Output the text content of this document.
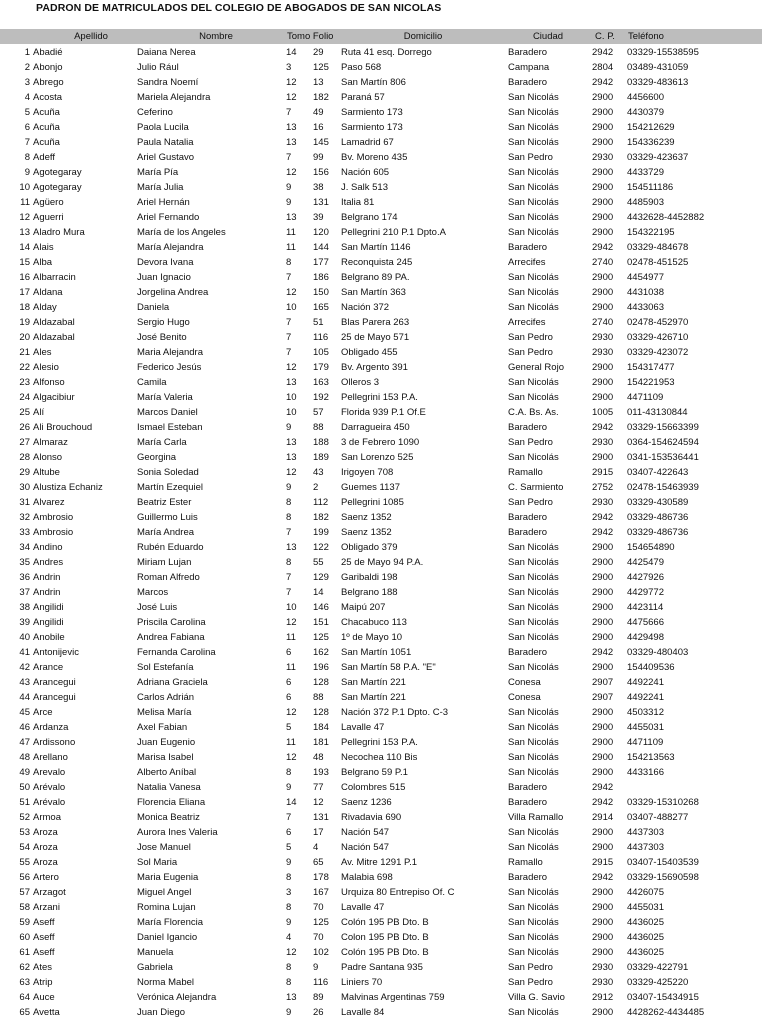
PADRON DE MATRICULADOS DEL COLEGIO DE ABOGADOS DE SAN NICOLAS
Apellido	Nombre	Tomo Folio	Domicilio	Ciudad	C. P. Teléfono
1 Abadié	Daiana Nerea	14	29	Ruta 41 esq. Dorrego	Baradero	2942	03329-15538595
2 Abonjo	Julio Rául	3	125	Paso 568	Campana	2804	03489-431059
3 Abrego	Sandra Noemí	12	13	San Martín 806	Baradero	2942	03329-483613
4 Acosta	Mariela Alejandra	12	182	Paraná 57	San Nicolás	2900	4456600
5 Acuña	Ceferino	7	49	Sarmiento 173	San Nicolás	2900	4430379
6 Acuña	Paola Lucila	13	16	Sarmiento 173	San Nicolás	2900	154212629
7 Acuña	Paula Natalia	13	145	Lamadrid 67	San Nicolás	2900	154336239
8 Adeff	Ariel Gustavo	7	99	Bv. Moreno 435	San Pedro	2930	03329-423637
9 Agotegaray	María Pía	12	156	Nación 605	San Nicolás	2900	4433729
10 Agotegaray	María Julia	9	38	J. Salk 513	San Nicolás	2900	154511186
11 Agüero	Ariel Hernán	9	131	Italia 81	San Nicolás	2900	4485903
12 Aguerri	Ariel Fernando	13	39	Belgrano 174	San Nicolás	2900	4432628-4452882
13 Aladro Mura	María de los Angeles	11	120	Pellegrini 210 P.1 Dpto.A	San Nicolás	2900	154322195
14 Alais	María Alejandra	11	144	San Martín 1146	Baradero	2942	03329-484678
15 Alba	Devora Ivana	8	177	Reconquista 245	Arrecifes	2740	02478-451525
16 Albarracin	Juan Ignacio	7	186	Belgrano 89 PA.	San Nicolás	2900	4454977
17 Aldana	Jorgelina Andrea	12	150	San Martín 363	San Nicolás	2900	4431038
18 Alday	Daniela	10	165	Nación 372	San Nicolás	2900	4433063
19 Aldazabal	Sergio Hugo	7	51	Blas Parera 263	Arrecifes	2740	02478-452970
20 Aldazabal	José Benito	7	116	25 de Mayo 571	San Pedro	2930	03329-426710
21 Ales	Maria Alejandra	7	105	Obligado 455	San Pedro	2930	03329-423072
22 Alesio	Federico Jesús	12	179	Bv. Argento 391	General Rojo	2900	154317477
23 Alfonso	Camila	13	163	Olleros 3	San Nicolás	2900	154221953
24 Algacibiur	María Valeria	10	192	Pellegrini 153 P.A.	San Nicolás	2900	4471109
25 Alí	Marcos Daniel	10	57	Florida 939 P.1 Of.E	C.A. Bs. As.	1005	011-43130844
26 Ali Brouchoud	Ismael Esteban	9	88	Darragueira 450	Baradero	2942	03329-15663399
27 Almaraz	María Carla	13	188	3 de Febrero 1090	San Pedro	2930	0364-154624594
28 Alonso	Georgina	13	189	San Lorenzo 525	San Nicolás	2900	0341-153536441
29 Altube	Sonia Soledad	12	43	Irigoyen 708	Ramallo	2915	03407-422643
30 Alustiza Echaniz	Martín Ezequiel	9	2	Guemes 1137	C. Sarmiento	2752	02478-15463939
31 Alvarez	Beatriz Ester	8	112	Pellegrini 1085	San Pedro	2930	03329-430589
32 Ambrosio	Guillermo Luis	8	182	Saenz 1352	Baradero	2942	03329-486736
33 Ambrosio	María Andrea	7	199	Saenz 1352	Baradero	2942	03329-486736
34 Andino	Rubén Eduardo	13	122	Obligado 379	San Nicolás	2900	154654890
35 Andres	Miriam Lujan	8	55	25 de Mayo 94 P.A.	San Nicolás	2900	4425479
36 Andrin	Roman Alfredo	7	129	Garibaldi 198	San Nicolás	2900	4427926
37 Andrin	Marcos	7	14	Belgrano 188	San Nicolás	2900	4429772
38 Angilidi	José Luis	10	146	Maipú 207	San Nicolás	2900	4423114
39 Angilidi	Priscila Carolina	12	151	Chacabuco 113	San Nicolás	2900	4475666
40 Anobile	Andrea Fabiana	11	125	1º de Mayo 10	San Nicolás	2900	4429498
41 Antonijevic	Fernanda Carolina	6	162	San Martín 1051	Baradero	2942	03329-480403
42 Arance	Sol Estefanía	11	196	San Martín 58 P.A. "E"	San Nicolás	2900	154409536
43 Arancegui	Adriana Graciela	6	128	San Martín 221	Conesa	2907	4492241
44 Arancegui	Carlos Adrián	6	88	San Martín 221	Conesa	2907	4492241
45 Arce	Melisa María	12	128	Nación 372 P.1 Dpto. C-3	San Nicolás	2900	4503312
46 Ardanza	Axel Fabian	5	184	Lavalle 47	San Nicolás	2900	4455031
47 Ardissono	Juan Eugenio	11	181	Pellegrini 153 P.A.	San Nicolás	2900	4471109
48 Arellano	Marisa Isabel	12	48	Necochea 110 Bis	San Nicolás	2900	154213563
49 Arevalo	Alberto Aníbal	8	193	Belgrano 59 P.1	San Nicolás	2900	4433166
50 Arévalo	Natalia Vanesa	9	77	Colombres 515	Baradero	2942
51 Arévalo	Florencia Eliana	14	12	Saenz 1236	Baradero	2942	03329-15310268
52 Armoa	Monica Beatriz	7	131	Rivadavia 690	Villa Ramallo	2914	03407-488277
53 Aroza	Aurora Ines Valeria	6	17	Nación 547	San Nicolás	2900	4437303
54 Aroza	Jose Manuel	5	4	Nación 547	San Nicolás	2900	4437303
55 Aroza	Sol Maria	9	65	Av. Mitre 1291 P.1	Ramallo	2915	03407-15403539
56 Artero	Maria Eugenia	8	178	Malabia 698	Baradero	2942	03329-15690598
57 Arzagot	Miguel Angel	3	167	Urquiza 80 Entrepiso Of. C	San Nicolás	2900	4426075
58 Arzani	Romina Lujan	8	70	Lavalle 47	San Nicolás	2900	4455031
59 Aseff	María Florencia	9	125	Colón 195 PB Dto. B	San Nicolás	2900	4436025
60 Aseff	Daniel Igancio	4	70	Colon 195 PB Dto. B	San Nicolás	2900	4436025
61 Aseff	Manuela	12	102	Colón 195 PB Dto. B	San Nicolás	2900	4436025
62 Ates	Gabriela	8	9	Padre Santana 935	San Pedro	2930	03329-422791
63 Atrip	Norma Mabel	8	116	Liniers 70	San Pedro	2930	03329-425220
64 Auce	Verónica Alejandra	13	89	Malvinas Argentinas 759	Villa G. Savio	2912	03407-15434915
65 Avetta	Juan Diego	9	26	Lavalle 84	San Nicolás	2900	4428262-4434485
